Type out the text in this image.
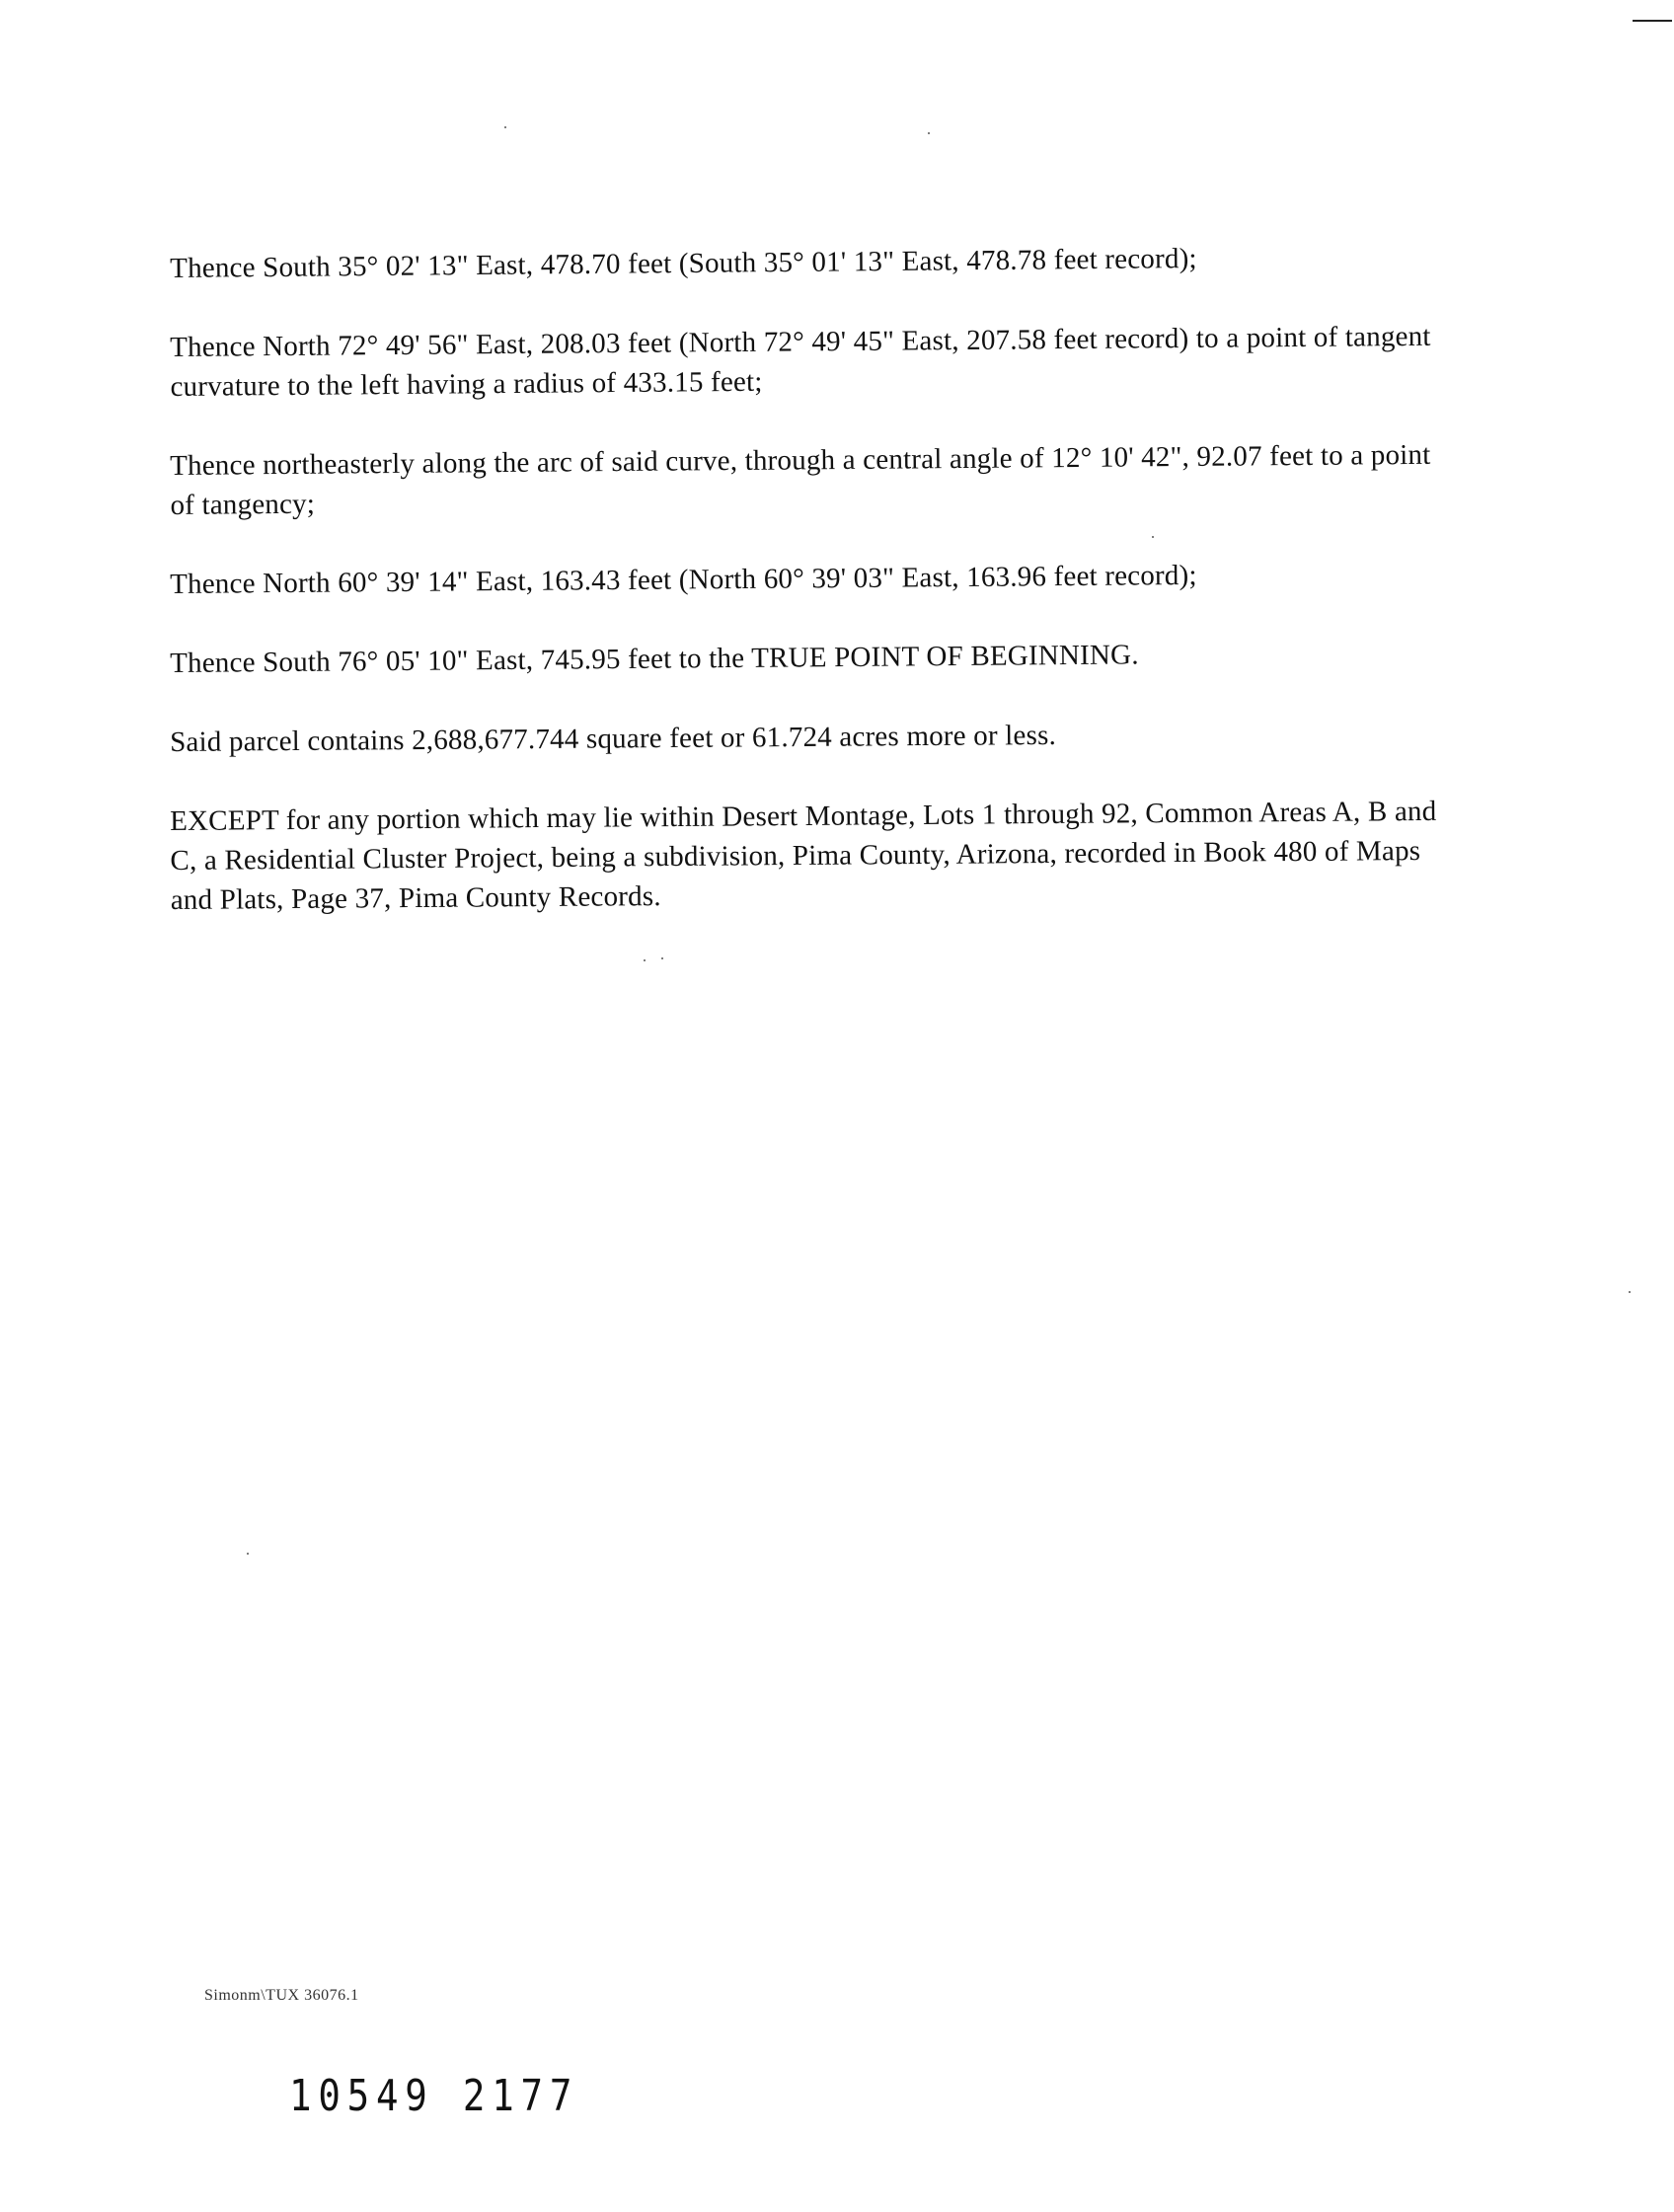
Thence South 35° 02' 13" East, 478.70 feet (South 35° 01' 13" East, 478.78 feet record);

Thence North 72° 49' 56" East, 208.03 feet (North 72° 49' 45" East, 207.58 feet record) to a point of tangent curvature to the left having a radius of 433.15 feet;

Thence northeasterly along the arc of said curve, through a central angle of 12° 10' 42", 92.07 feet to a point of tangency;

Thence North 60° 39' 14" East, 163.43 feet (North 60° 39' 03" East, 163.96 feet record);

Thence South 76° 05' 10" East, 745.95 feet to the TRUE POINT OF BEGINNING.

Said parcel contains 2,688,677.744 square feet or 61.724 acres more or less.

EXCEPT for any portion which may lie within Desert Montage, Lots 1 through 92, Common Areas A, B and C, a Residential Cluster Project, being a subdivision, Pima County, Arizona, recorded in Book 480 of Maps and Plats, Page 37, Pima County Records.

Simonm\TUX 36076.1
10549 2177
